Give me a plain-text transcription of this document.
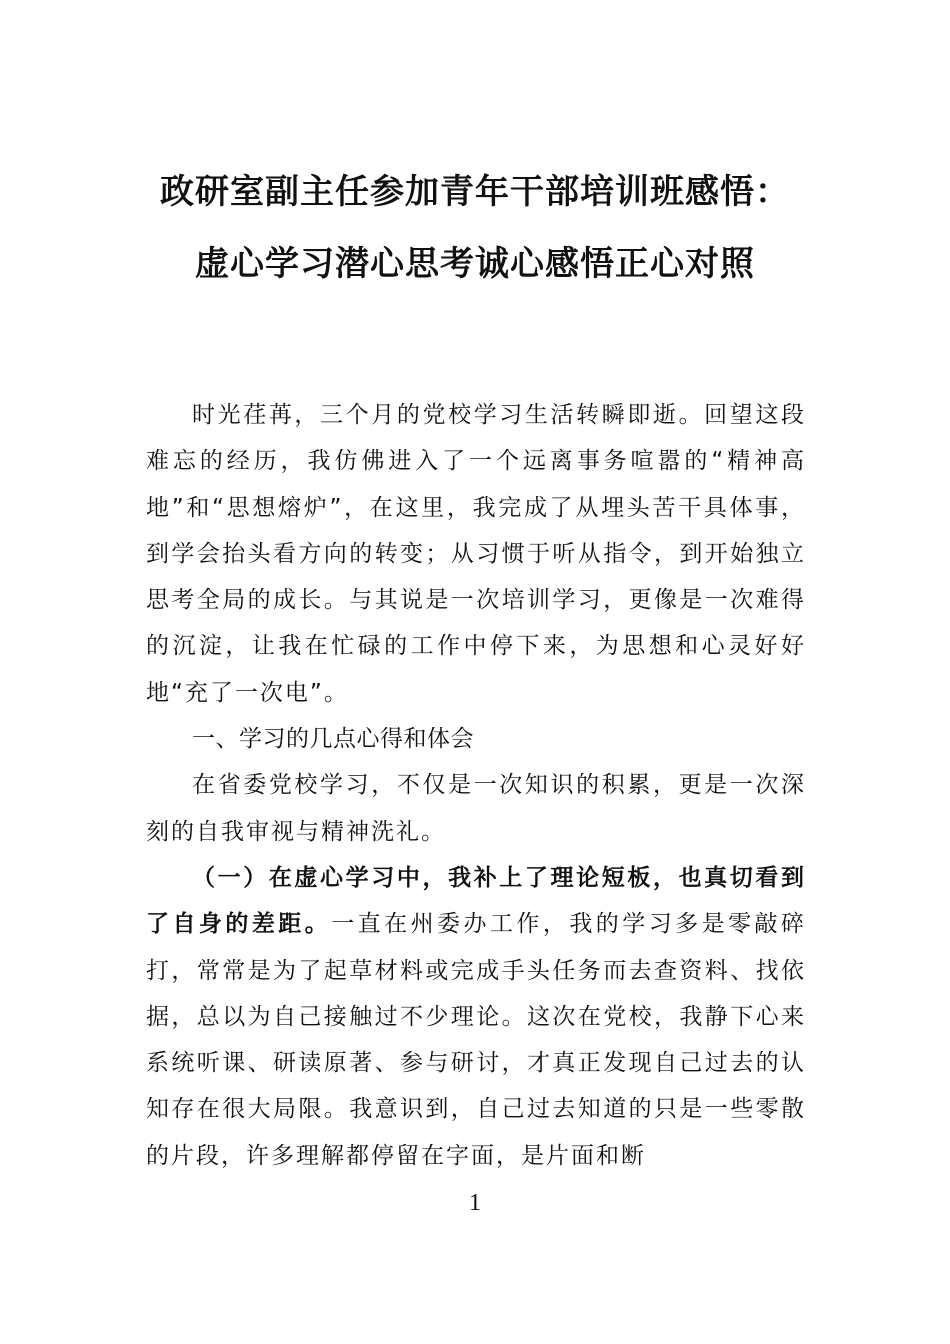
政研室副主任参加青年干部培训班感悟：
虚心学习潜心思考诚心感悟正心对照

时光荏苒，三个月的党校学习生活转瞬即逝。回望这段难忘的经历，我仿佛进入了一个远离事务喧嚣的“精神高地”和“思想熔炉”，在这里，我完成了从埋头苦干具体事，到学会抬头看方向的转变；从习惯于听从指令，到开始独立思考全局的成长。与其说是一次培训学习，更像是一次难得的沉淀，让我在忙碌的工作中停下来，为思想和心灵好好地“充了一次电”。

一、学习的几点心得和体会

在省委党校学习，不仅是一次知识的积累，更是一次深刻的自我审视与精神洗礼。

（一）在虚心学习中，我补上了理论短板，也真切看到了自身的差距。一直在州委办工作，我的学习多是零敲碎打，常常是为了起草材料或完成手头任务而去查资料、找依据，总以为自己接触过不少理论。这次在党校，我静下心来系统听课、研读原著、参与研讨，才真正发现自己过去的认知存在很大局限。我意识到，自己过去知道的只是一些零散的片段，许多理解都停留在字面，是片面和断

1
